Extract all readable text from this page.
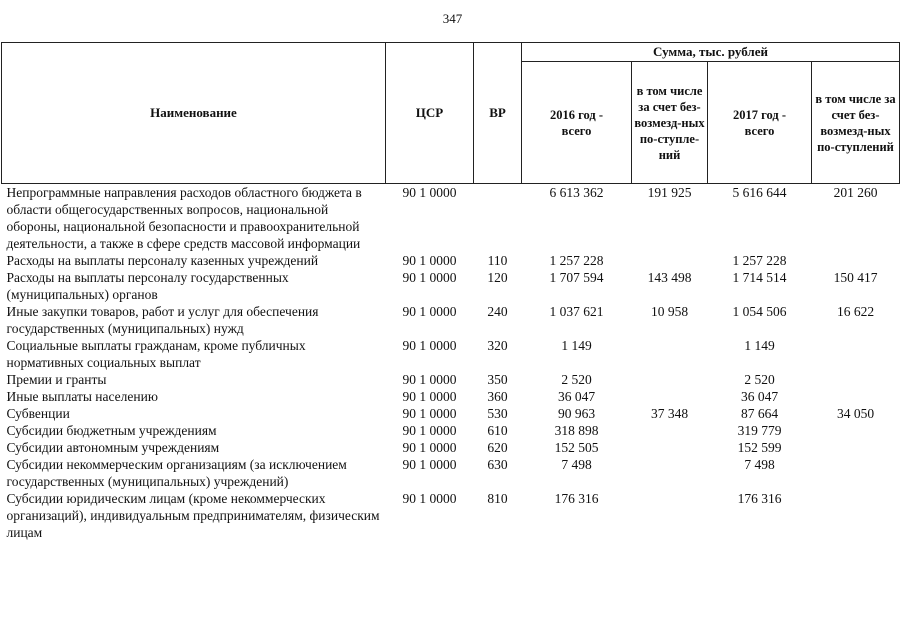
347
Наименование	ЦСР	ВР	Сумма, тыс. рублей			
			2016 год - всего	в том числе за счет без-возмезд-ных по-ступле-ний	2017 год - всего	в том числе за счет без-возмезд-ных по-ступлений
Непрограммные направления расходов областного бюджета в области общегосударственных вопросов, национальной обороны, национальной безопасности и правоохранительной деятельности, а также в сфере средств массовой информации	90 1 0000		6 613 362	191 925	5 616 644	201 260
Расходы на выплаты персоналу казенных учреждений	90 1 0000	110	1 257 228		1 257 228	
Расходы на выплаты персоналу государственных (муниципальных) органов	90 1 0000	120	1 707 594	143 498	1 714 514	150 417
Иные закупки товаров, работ и услуг для обеспечения государственных (муниципальных) нужд	90 1 0000	240	1 037 621	10 958	1 054 506	16 622
Социальные выплаты гражданам, кроме публичных нормативных социальных выплат	90 1 0000	320	1 149		1 149	
Премии и гранты	90 1 0000	350	2 520		2 520	
Иные выплаты населению	90 1 0000	360	36 047		36 047	
Субвенции	90 1 0000	530	90 963	37 348	87 664	34 050
Субсидии бюджетным учреждениям	90 1 0000	610	318 898		319 779	
Субсидии автономным учреждениям	90 1 0000	620	152 505		152 599	
Субсидии некоммерческим организациям (за исключением государственных (муниципальных) учреждений)	90 1 0000	630	7 498		7 498	
Субсидии юридическим лицам (кроме некоммерческих организаций), индивидуальным предпринимателям, физическим лицам	90 1 0000	810	176 316		176 316	
